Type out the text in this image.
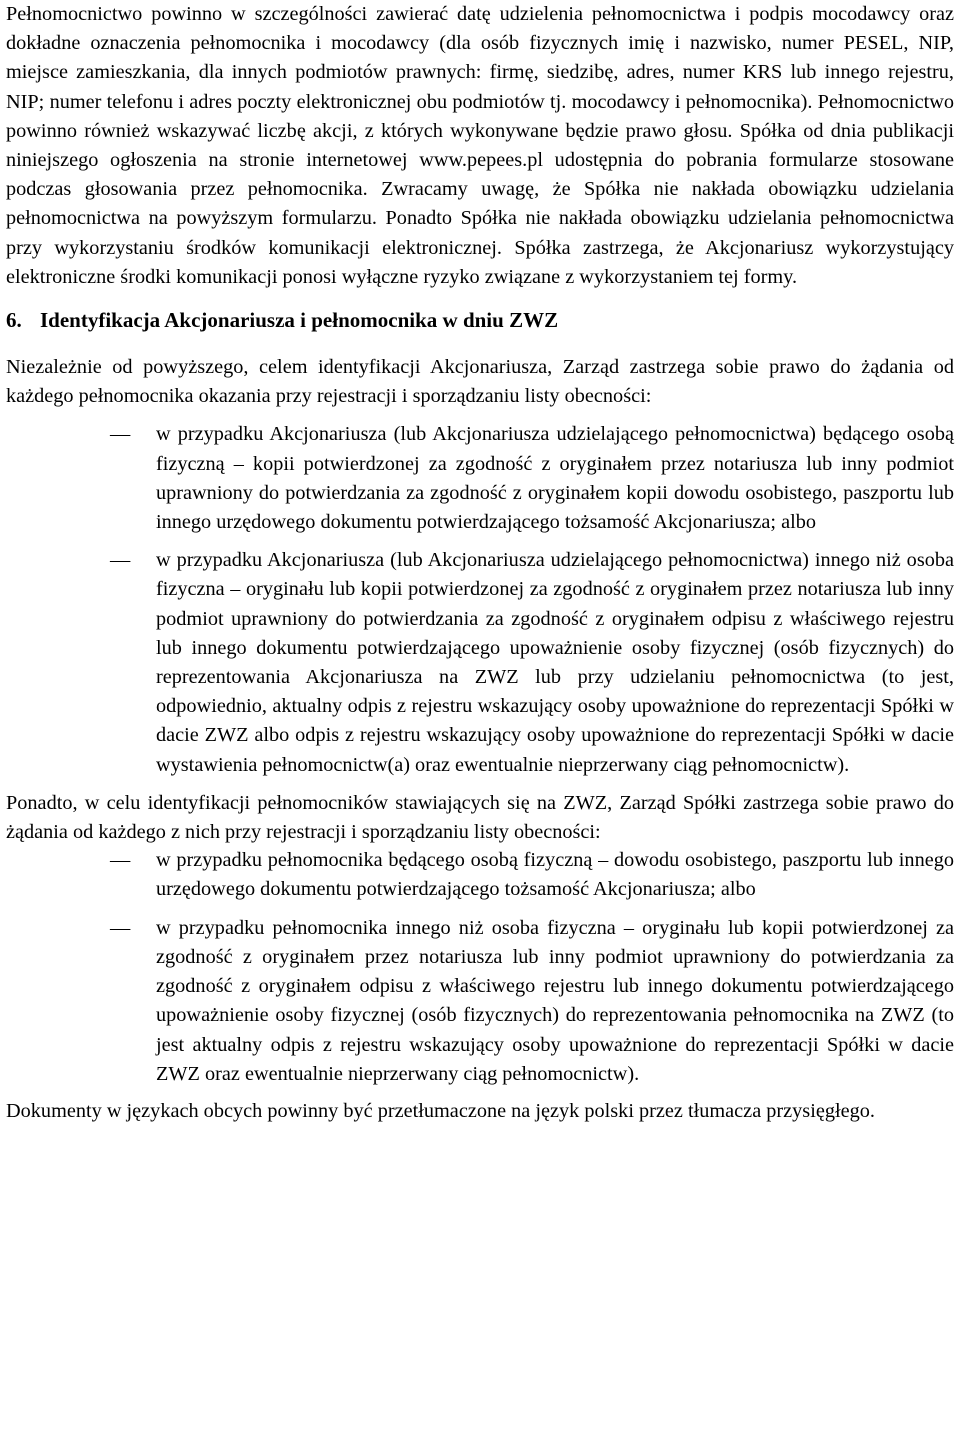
Pełnomocnictwo powinno w szczególności zawierać datę udzielenia pełnomocnictwa i podpis mocodawcy oraz dokładne oznaczenia pełnomocnika i mocodawcy (dla osób fizycznych imię i nazwisko, numer PESEL, NIP, miejsce zamieszkania, dla innych podmiotów prawnych: firmę, siedzibę, adres, numer KRS lub innego rejestru, NIP; numer telefonu i adres poczty elektronicznej obu podmiotów tj. mocodawcy i pełnomocnika). Pełnomocnictwo powinno również wskazywać liczbę akcji, z których wykonywane będzie prawo głosu. Spółka od dnia publikacji niniejszego ogłoszenia na stronie internetowej www.pepees.pl udostępnia do pobrania formularze stosowane podczas głosowania przez pełnomocnika. Zwracamy uwagę, że Spółka nie nakłada obowiązku udzielania pełnomocnictwa na powyższym formularzu. Ponadto Spółka nie nakłada obowiązku udzielania pełnomocnictwa przy wykorzystaniu środków komunikacji elektronicznej. Spółka zastrzega, że Akcjonariusz wykorzystujący elektroniczne środki komunikacji ponosi wyłączne ryzyko związane z wykorzystaniem tej formy.

6. Identyfikacja Akcjonariusza i pełnomocnika w dniu ZWZ

Niezależnie od powyższego, celem identyfikacji Akcjonariusza, Zarząd zastrzega sobie prawo do żądania od każdego pełnomocnika okazania przy rejestracji i sporządzaniu listy obecności:

— w przypadku Akcjonariusza (lub Akcjonariusza udzielającego pełnomocnictwa) będącego osobą fizyczną – kopii potwierdzonej za zgodność z oryginałem przez notariusza lub inny podmiot uprawniony do potwierdzania za zgodność z oryginałem kopii dowodu osobistego, paszportu lub innego urzędowego dokumentu potwierdzającego tożsamość Akcjonariusza; albo

— w przypadku Akcjonariusza (lub Akcjonariusza udzielającego pełnomocnictwa) innego niż osoba fizyczna – oryginału lub kopii potwierdzonej za zgodność z oryginałem przez notariusza lub inny podmiot uprawniony do potwierdzania za zgodność z oryginałem odpisu z właściwego rejestru lub innego dokumentu potwierdzającego upoważnienie osoby fizycznej (osób fizycznych) do reprezentowania Akcjonariusza na ZWZ lub przy udzielaniu pełnomocnictwa (to jest, odpowiednio, aktualny odpis z rejestru wskazujący osoby upoważnione do reprezentacji Spółki w dacie ZWZ albo odpis z rejestru wskazujący osoby upoważnione do reprezentacji Spółki w dacie wystawienia pełnomocnictw(a) oraz ewentualnie nieprzerwany ciąg pełnomocnictw).

Ponadto, w celu identyfikacji pełnomocników stawiających się na ZWZ, Zarząd Spółki zastrzega sobie prawo do żądania od każdego z nich przy rejestracji i sporządzaniu listy obecności:

— w przypadku pełnomocnika będącego osobą fizyczną – dowodu osobistego, paszportu lub innego urzędowego dokumentu potwierdzającego tożsamość Akcjonariusza; albo

— w przypadku pełnomocnika innego niż osoba fizyczna – oryginału lub kopii potwierdzonej za zgodność z oryginałem przez notariusza lub inny podmiot uprawniony do potwierdzania za zgodność z oryginałem odpisu z właściwego rejestru lub innego dokumentu potwierdzającego upoważnienie osoby fizycznej (osób fizycznych) do reprezentowania pełnomocnika na ZWZ (to jest aktualny odpis z rejestru wskazujący osoby upoważnione do reprezentacji Spółki w dacie ZWZ oraz ewentualnie nieprzerwany ciąg pełnomocnictw).

Dokumenty w językach obcych powinny być przetłumaczone na język polski przez tłumacza przysięgłego.
